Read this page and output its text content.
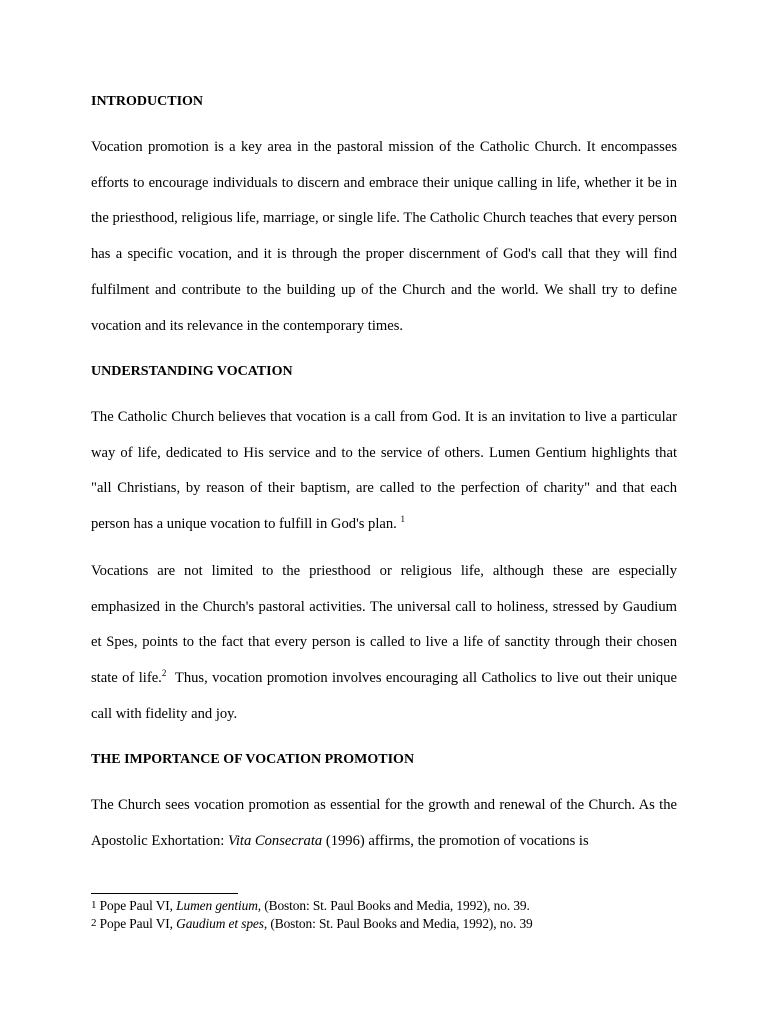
INTRODUCTION

Vocation promotion is a key area in the pastoral mission of the Catholic Church. It encompasses efforts to encourage individuals to discern and embrace their unique calling in life, whether it be in the priesthood, religious life, marriage, or single life. The Catholic Church teaches that every person has a specific vocation, and it is through the proper discernment of God's call that they will find fulfilment and contribute to the building up of the Church and the world. We shall try to define vocation and its relevance in the contemporary times.

UNDERSTANDING VOCATION

The Catholic Church believes that vocation is a call from God. It is an invitation to live a particular way of life, dedicated to His service and to the service of others. Lumen Gentium highlights that "all Christians, by reason of their baptism, are called to the perfection of charity" and that each person has a unique vocation to fulfill in God's plan. $^1$

Vocations are not limited to the priesthood or religious life, although these are especially emphasized in the Church's pastoral activities. The universal call to holiness, stressed by Gaudium et Spes, points to the fact that every person is called to live a life of sanctity through their chosen state of life.$^2$ Thus, vocation promotion involves encouraging all Catholics to live out their unique call with fidelity and joy.

THE IMPORTANCE OF VOCATION PROMOTION

The Church sees vocation promotion as essential for the growth and renewal of the Church. As the Apostolic Exhortation: Vita Consecrata (1996) affirms, the promotion of vocations is

1 Pope Paul VI, Lumen gentium, (Boston: St. Paul Books and Media, 1992), no. 39.

2 Pope Paul VI, Gaudium et spes, (Boston: St. Paul Books and Media, 1992), no. 39
